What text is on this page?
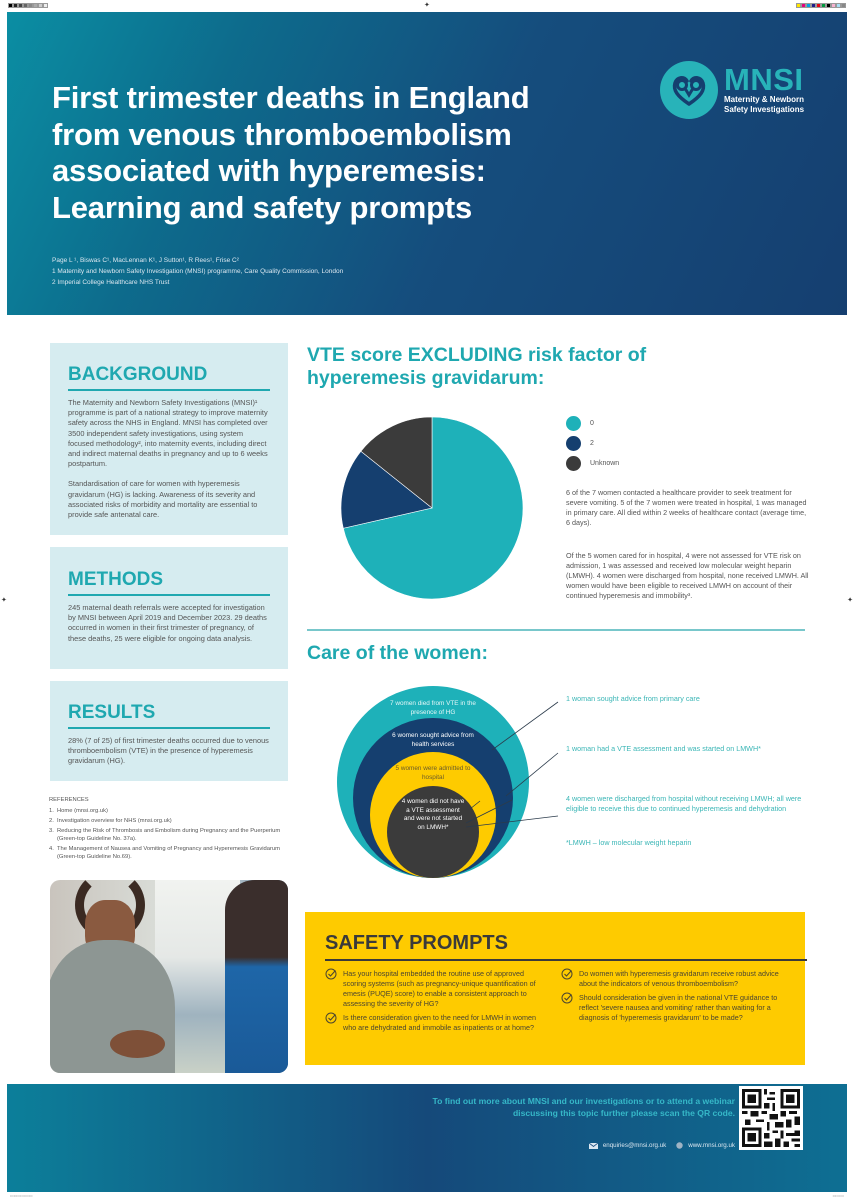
✦
✦	✦
MNSI
Maternity & Newborn
Safety Investigations
First trimester deaths in England from venous thromboembolism associated with hyperemesis: Learning and safety prompts
Page L ¹, Biswas C¹, MacLennan K¹, J Sutton¹, R Rees¹, Frise C²
1 Maternity and Newborn Safety Investigation (MNSI) programme, Care Quality Commission, London
2 Imperial College Healthcare NHS Trust
BACKGROUND

The Maternity and Newborn Safety Investigations (MNSI)¹ programme is part of a national strategy to improve maternity safety across the NHS in England. MNSI has completed over 3500 independent safety investigations, using system focused methodology², into maternity events, including direct and indirect maternal deaths in pregnancy and up to 6 weeks postpartum.

Standardisation of care for women with hyperemesis gravidarum (HG) is lacking. Awareness of its severity and associated risks of morbidity and mortality are essential to provide safe antenatal care.

METHODS

245 maternal death referrals were accepted for investigation by MNSI between April 2019 and December 2023. 29 deaths occurred in women in their first trimester of pregnancy, of these deaths, 25 were eligible for ongoing data analysis.

RESULTS

28% (7 of 25) of first trimester deaths occurred due to venous thromboembolism (VTE) in the presence of hyperemesis gravidarum (HG).

REFERENCES
1. Home (mnsi.org.uk)
2. Investigation overview for NHS (mnsi.org.uk)
3. Reducing the Risk of Thrombosis and Embolism during Pregnancy and the Puerperium (Green-top Guideline No. 37a).
4. The Management of Nausea and Vomiting of Pregnancy and Hyperemesis Gravidarum (Green-top Guideline No.69).
VTE score EXCLUDING risk factor of hyperemesis gravidarum:
0
2
Unknown
6 of the 7 women contacted a healthcare provider to seek treatment for severe vomiting. 5 of the 7 women were treated in hospital, 1 was managed in primary care. All died within 2 weeks of healthcare contact (average time, 6 days).
Of the 5 women cared for in hospital, 4 were not assessed for VTE risk on admission, 1 was assessed and received low molecular weight heparin (LMWH). 4 women were discharged from hospital, none received LMWH. All women would have been eligible to received LMWH on account of their continued hyperemesis and immobility³.
Care of the women:
7 women died from VTE in the presence of HG
6 women sought advice from health services
5 women were admitted to hospital
4 women did not have a VTE assessment and were not started on LMWH*
1 woman sought advice from primary care
1 woman had a VTE assessment and was started on LMWH*
4 women were discharged from hospital without receiving LMWH; all were eligible to receive this due to continued hyperemesis and dehydration
*LMWH – low molecular weight heparin
SAFETY PROMPTS
Has your hospital embedded the routine use of approved scoring systems (such as pregnancy-unique quantification of emesis (PUQE) score) to enable a consistent approach to assessing the severity of HG?
Is there consideration given to the need for LMWH in women who are dehydrated and immobile as inpatients or at home?
Do women with hyperemesis gravidarum receive robust advice about the indicators of venous thromboembolism?
Should consideration be given in the national VTE guidance to reflect 'severe nausea and vomiting' rather than waiting for a diagnosis of 'hyperemesis gravidarum' to be made?
To find out more about MNSI and our investigations or to attend a webinar discussing this topic further please scan the QR code.
enquiries@mnsi.org.uk	www.mnsi.org.uk
▭▭▭▭▭▭	▭▭▭
